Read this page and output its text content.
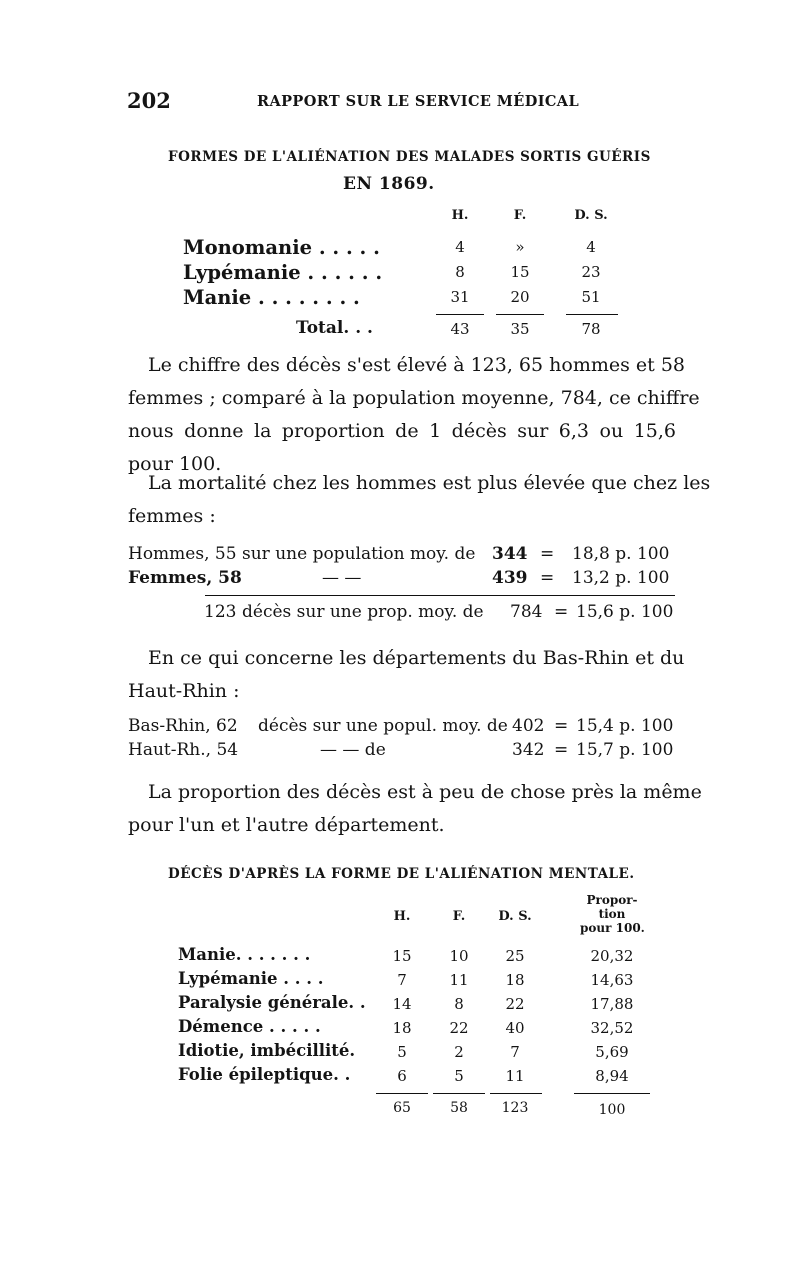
202	RAPPORT SUR LE SERVICE MÉDICAL
FORMES DE L'ALIÉNATION DES MALADES SORTIS GUÉRIS
EN 1869.
H.	F.	D. S.
Monomanie . . . . .	4	»	4
Lypémanie . . . . . .	8	15	23
Manie . . . . . . . .	31	20	51
Total. . .	43	35	78
Le chiffre des décès s'est élevé à 123, 65 hommes et 58
femmes ; comparé à la population moyenne, 784, ce chiffre
nous donne la proportion de 1 décès sur 6,3 ou 15,6
pour 100.
La mortalité chez les hommes est plus élevée que chez les
femmes :
Hommes, 55 sur une population moy. de 344 = 18,8 p. 100
Femmes, 58	— —	439 = 13,2 p. 100
123 décès sur une prop. moy. de 784 = 15,6 p. 100
En ce qui concerne les départements du Bas-Rhin et du
Haut-Rhin :
Bas-Rhin, 62 décès sur une popul. moy. de 402 = 15,4 p. 100
Haut-Rh., 54	— — de	342 = 15,7 p. 100
La proportion des décès est à peu de chose près la même
pour l'un et l'autre département.
DÉCÈS D'APRÈS LA FORME DE L'ALIÉNATION MENTALE.
H.	F.	D. S.
Propor-
tion
pour 100.
Manie. . . . . . .	15	10	25	20,32
Lypémanie . . . .	7	11	18	14,63
Paralysie générale. .	14	8	22	17,88
Démence . . . . .	18	22	40	32,52
Idiotie, imbécillité.	5	2	7	5,69
Folie épileptique. .	6	5	11	8,94
65	58	123	100
